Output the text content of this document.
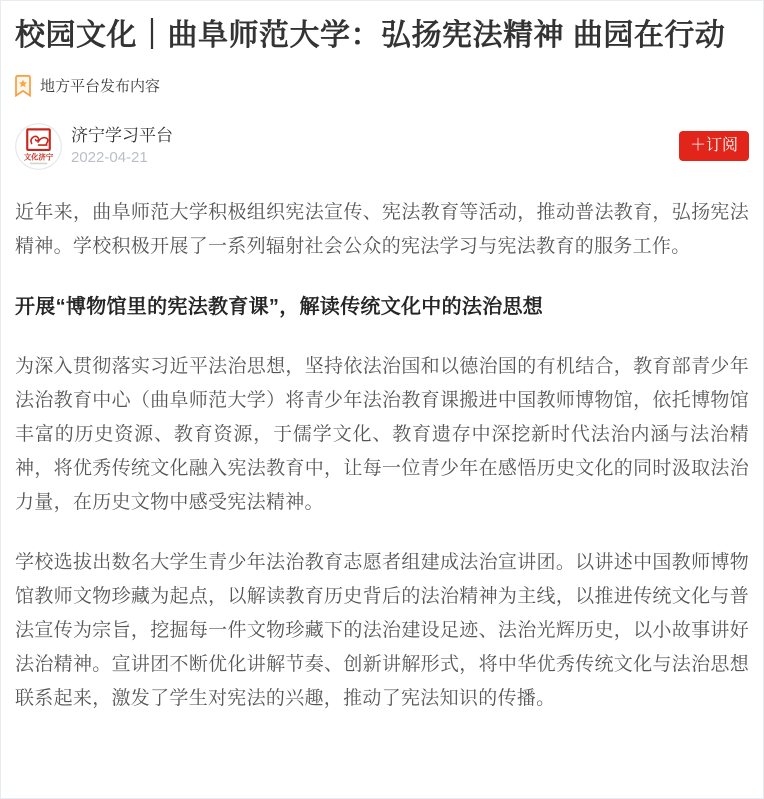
校园文化｜曲阜师范大学：弘扬宪法精神 曲园在行动
地方平台发布内容
文化济宁
济宁学习平台
2022-04-21
＋订阅

近年来，曲阜师范大学积极组织宪法宣传、宪法教育等活动，推动普法教育，弘扬宪法精神。学校积极开展了一系列辐射社会公众的宪法学习与宪法教育的服务工作。

开展“博物馆里的宪法教育课”，解读传统文化中的法治思想

为深入贯彻落实习近平法治思想，坚持依法治国和以德治国的有机结合，教育部青少年法治教育中心（曲阜师范大学）将青少年法治教育课搬进中国教师博物馆，依托博物馆丰富的历史资源、教育资源，于儒学文化、教育遗存中深挖新时代法治内涵与法治精神，将优秀传统文化融入宪法教育中，让每一位青少年在感悟历史文化的同时汲取法治力量，在历史文物中感受宪法精神。

学校选拔出数名大学生青少年法治教育志愿者组建成法治宣讲团。以讲述中国教师博物馆教师文物珍藏为起点，以解读教育历史背后的法治精神为主线，以推进传统文化与普法宣传为宗旨，挖掘每一件文物珍藏下的法治建设足迹、法治光辉历史，以小故事讲好法治精神。宣讲团不断优化讲解节奏、创新讲解形式，将中华优秀传统文化与法治思想联系起来，激发了学生对宪法的兴趣，推动了宪法知识的传播。
